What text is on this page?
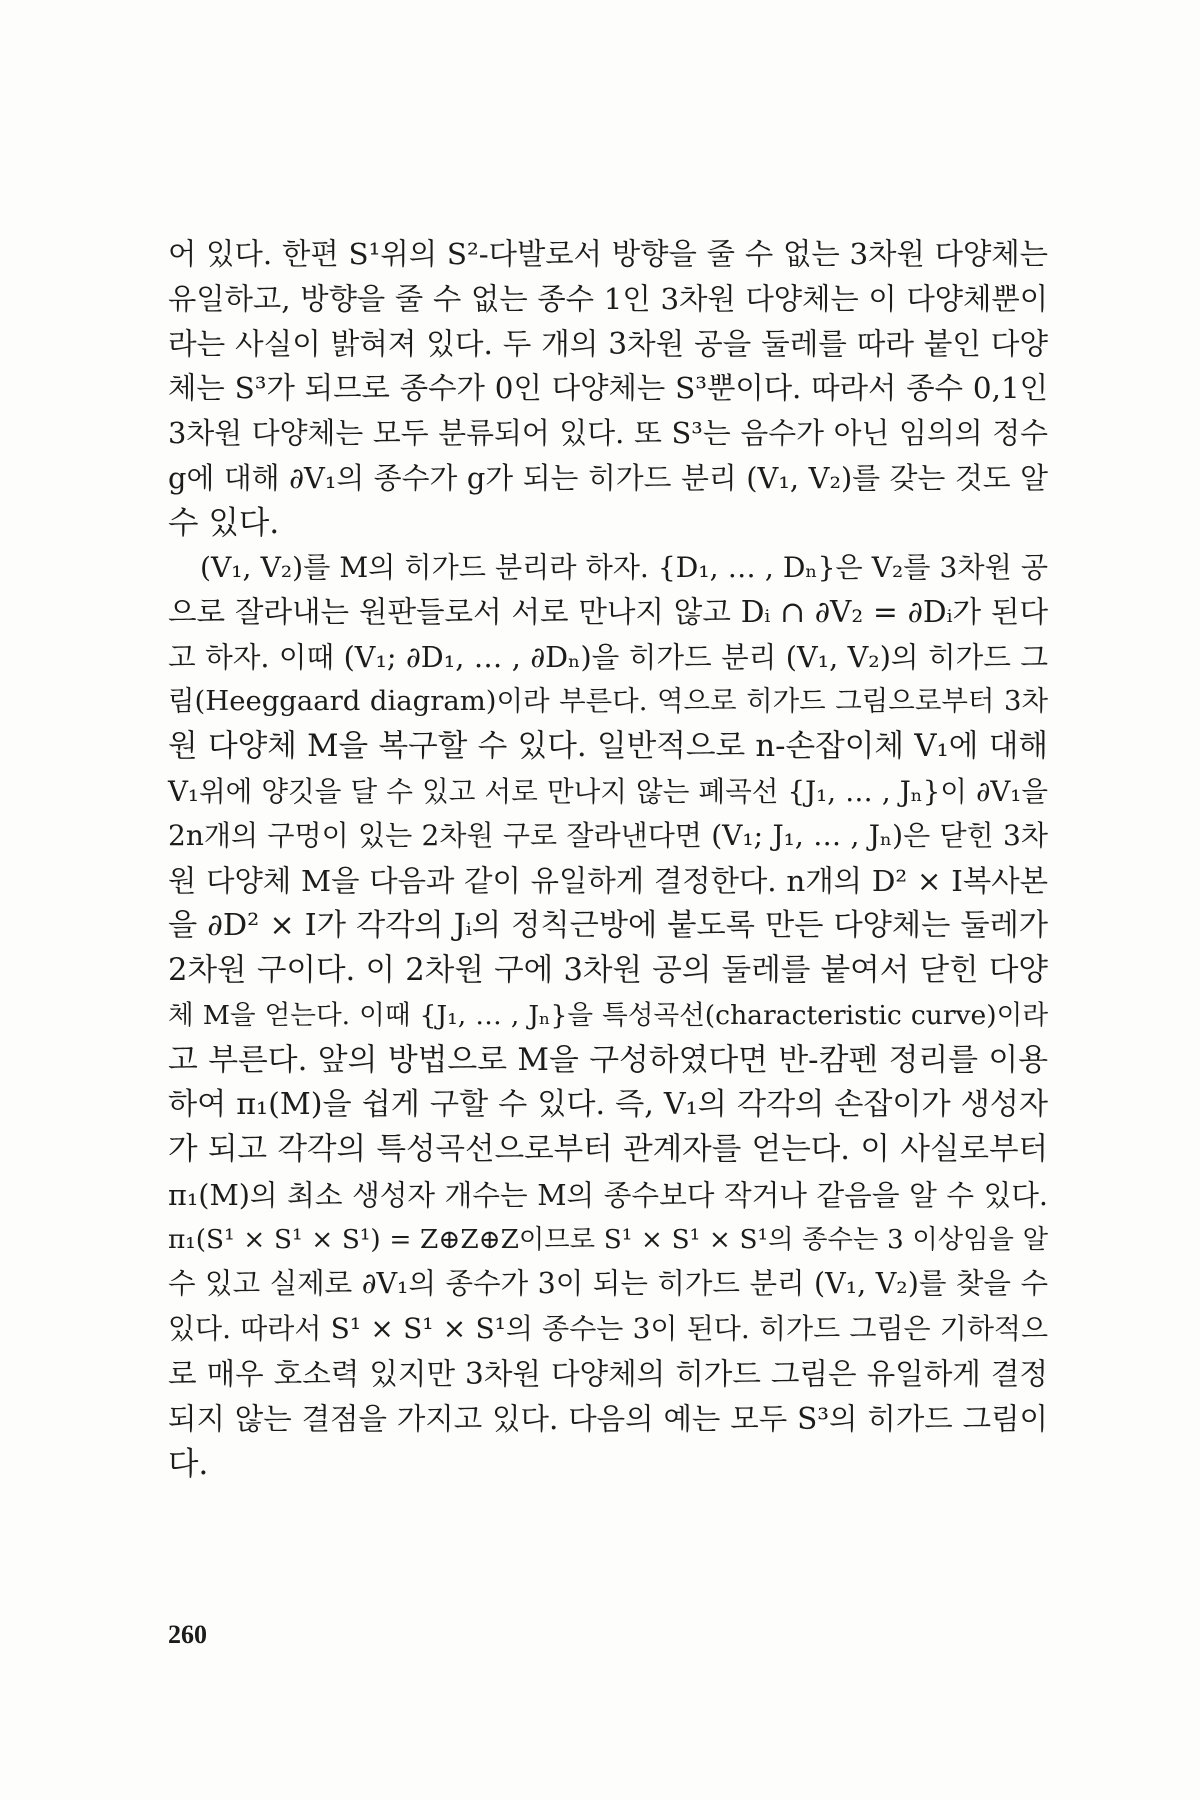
어 있다. 한편 S¹위의 S²-다발로서 방향을 줄 수 없는 3차원 다양체는
유일하고, 방향을 줄 수 없는 종수 1인 3차원 다양체는 이 다양체뿐이
라는 사실이 밝혀져 있다. 두 개의 3차원 공을 둘레를 따라 붙인 다양
체는 S³가 되므로 종수가 0인 다양체는 S³뿐이다. 따라서 종수 0,1인
3차원 다양체는 모두 분류되어 있다. 또 S³는 음수가 아닌 임의의 정수
g에 대해 ∂V₁의 종수가 g가 되는 히가드 분리 (V₁, V₂)를 갖는 것도 알
수 있다.
(V₁, V₂)를 M의 히가드 분리라 하자. {D₁, … , Dₙ}은 V₂를 3차원 공
으로 잘라내는 원판들로서 서로 만나지 않고 Dᵢ ∩ ∂V₂ = ∂Dᵢ가 된다
고 하자. 이때 (V₁; ∂D₁, … , ∂Dₙ)을 히가드 분리 (V₁, V₂)의 히가드 그
림(Heeggaard diagram)이라 부른다. 역으로 히가드 그림으로부터 3차
원 다양체 M을 복구할 수 있다. 일반적으로 n-손잡이체 V₁에 대해
V₁위에 양깃을 달 수 있고 서로 만나지 않는 폐곡선 {J₁, … , Jₙ}이 ∂V₁을
2n개의 구멍이 있는 2차원 구로 잘라낸다면 (V₁; J₁, … , Jₙ)은 닫힌 3차
원 다양체 M을 다음과 같이 유일하게 결정한다. n개의 D² × I복사본
을 ∂D² × I가 각각의 Jᵢ의 정칙근방에 붙도록 만든 다양체는 둘레가
2차원 구이다. 이 2차원 구에 3차원 공의 둘레를 붙여서 닫힌 다양
체 M을 얻는다. 이때 {J₁, … , Jₙ}을 특성곡선(characteristic curve)이라
고 부른다. 앞의 방법으로 M을 구성하였다면 반-캄펜 정리를 이용
하여 π₁(M)을 쉽게 구할 수 있다. 즉, V₁의 각각의 손잡이가 생성자
가 되고 각각의 특성곡선으로부터 관계자를 얻는다. 이 사실로부터
π₁(M)의 최소 생성자 개수는 M의 종수보다 작거나 같음을 알 수 있다.
π₁(S¹ × S¹ × S¹) = Z⊕Z⊕Z이므로 S¹ × S¹ × S¹의 종수는 3 이상임을 알
수 있고 실제로 ∂V₁의 종수가 3이 되는 히가드 분리 (V₁, V₂)를 찾을 수
있다. 따라서 S¹ × S¹ × S¹의 종수는 3이 된다. 히가드 그림은 기하적으
로 매우 호소력 있지만 3차원 다양체의 히가드 그림은 유일하게 결정
되지 않는 결점을 가지고 있다. 다음의 예는 모두 S³의 히가드 그림이
다.
260
